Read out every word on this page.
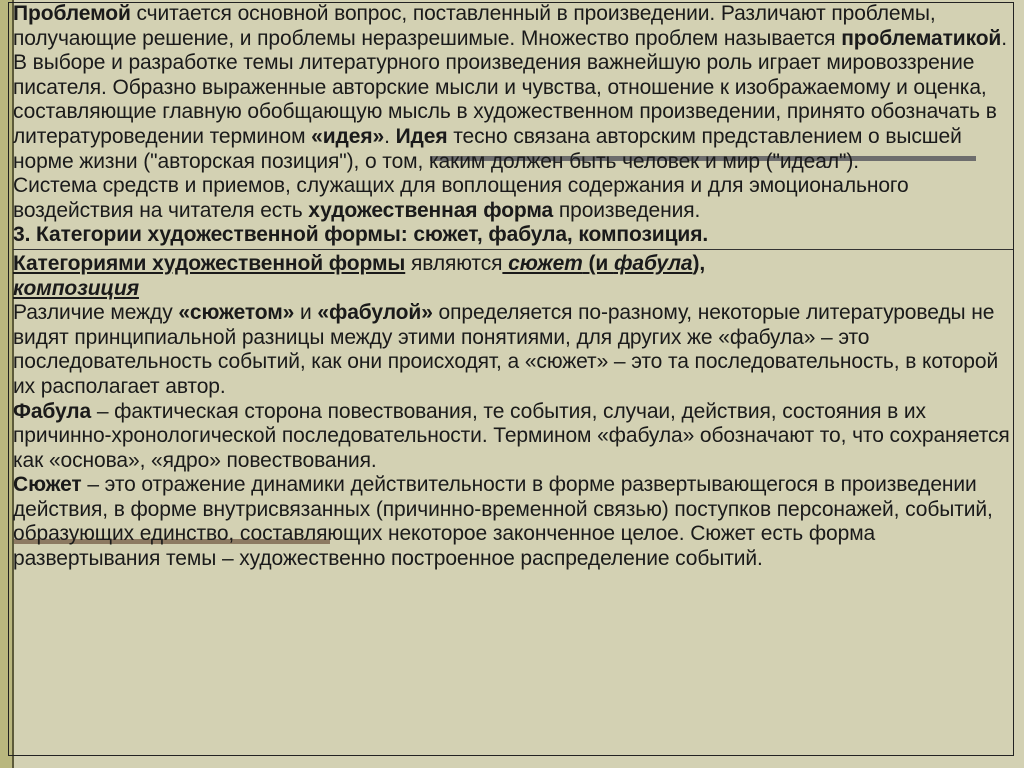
Проблемой считается основной вопрос, поставленный в произведении. Различают проблемы, получающие решение, и проблемы неразрешимые. Множество проблем называется проблематикой.

В выборе и разработке темы литературного произведения важнейшую роль играет мировоззрение писателя. Образно выраженные авторские мысли и чувства, отношение к изображаемому и оценка, составляющие главную обобщающую мысль в художественном произведении, принято обозначать в литературоведении термином «идея». Идея тесно связана авторским представлением о высшей норме жизни ("авторская позиция"), о том, каким должен быть человек и мир ("идеал").

Система средств и приемов, служащих для воплощения содержания и для эмоционального воздействия на читателя есть художественная форма произведения.

3. Категории художественной формы: сюжет, фабула, композиция.

Категориями художественной формы являются сюжет (и фабула),
композиция

Различие между «сюжетом» и «фабулой» определяется по-разному, некоторые литературоведы не видят принципиальной разницы между этими понятиями, для других же «фабула» – это последовательность событий, как они происходят, а «сюжет» – это та последовательность, в которой их располагает автор.

Фабула – фактическая сторона повествования, те события, случаи, действия, состояния в их причинно-хронологической последовательности. Термином «фабула» обозначают то, что сохраняется как «основа», «ядро» повествования.

Сюжет – это отражение динамики действительности в форме развертывающегося в произведении действия, в форме внутрисвязанных (причинно-временной связью) поступков персонажей, событий, образующих единство, составляющих некоторое законченное целое. Сюжет есть форма развертывания темы – художественно построенное распределение событий.
